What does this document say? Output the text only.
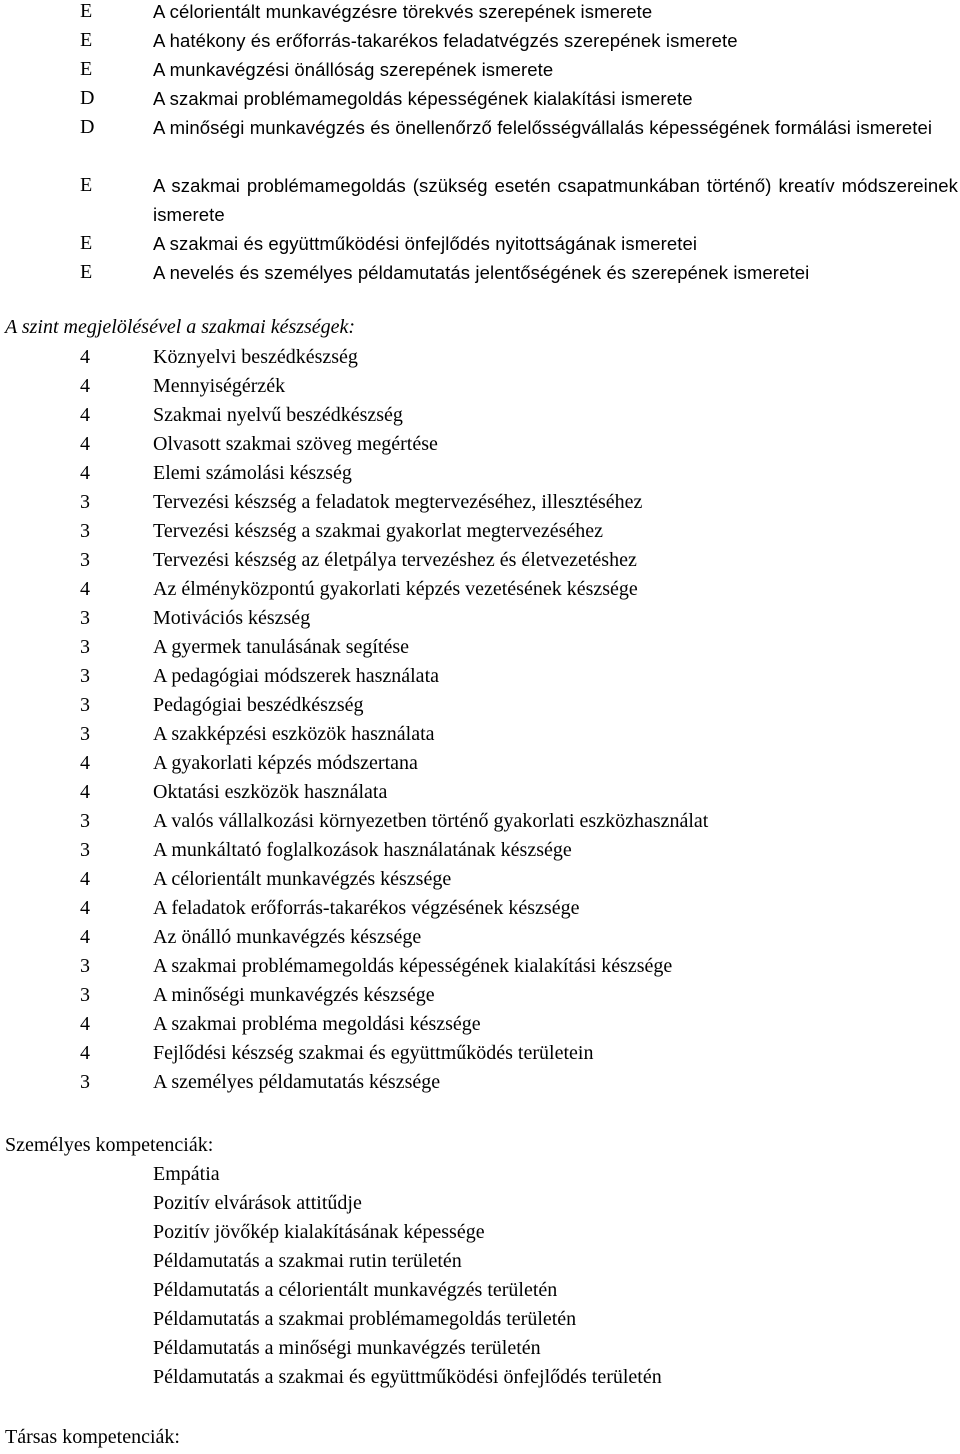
E	A célorientált munkavégzésre törekvés szerepének ismerete
E	A hatékony és erőforrás-takarékos feladatvégzés szerepének ismerete
E	A munkavégzési önállóság szerepének ismerete
D	A szakmai problémamegoldás képességének kialakítási ismerete
D	A minőségi munkavégzés és önellenőrző felelősségvállalás képességének formálási ismeretei
E	A szakmai problémamegoldás (szükség esetén csapatmunkában történő) kreatív módszereinek ismerete
E	A szakmai és együttműködési önfejlődés nyitottságának ismeretei
E	A nevelés és személyes példamutatás jelentőségének és szerepének ismeretei
A szint megjelölésével a szakmai készségek:
4	Köznyelvi beszédkészség
4	Mennyiségérzék
4	Szakmai nyelvű beszédkészség
4	Olvasott szakmai szöveg megértése
4	Elemi számolási készség
3	Tervezési készség a feladatok megtervezéséhez, illesztéséhez
3	Tervezési készség a szakmai gyakorlat megtervezéséhez
3	Tervezési készség az életpálya tervezéshez és életvezetéshez
4	Az élményközpontú gyakorlati képzés vezetésének készsége
3	Motivációs készség
3	A gyermek tanulásának segítése
3	A pedagógiai módszerek használata
3	Pedagógiai beszédkészség
3	A szakképzési eszközök használata
4	A gyakorlati képzés módszertana
4	Oktatási eszközök használata
3	A valós vállalkozási környezetben történő gyakorlati eszközhasználat
3	A munkáltató foglalkozások használatának készsége
4	A célorientált munkavégzés készsége
4	A feladatok erőforrás-takarékos végzésének készsége
4	Az önálló munkavégzés készsége
3	A szakmai problémamegoldás képességének kialakítási készsége
3	A minőségi munkavégzés készsége
4	A szakmai probléma megoldási készsége
4	Fejlődési készség szakmai és együttműködés területein
3	A személyes példamutatás készsége
Személyes kompetenciák:
Empátia
Pozitív elvárások attitűdje
Pozitív jövőkép kialakításának képessége
Példamutatás a szakmai rutin területén
Példamutatás a célorientált munkavégzés területén
Példamutatás a szakmai problémamegoldás területén
Példamutatás a minőségi munkavégzés területén
Példamutatás a szakmai és együttműködési önfejlődés területén
Társas kompetenciák:
